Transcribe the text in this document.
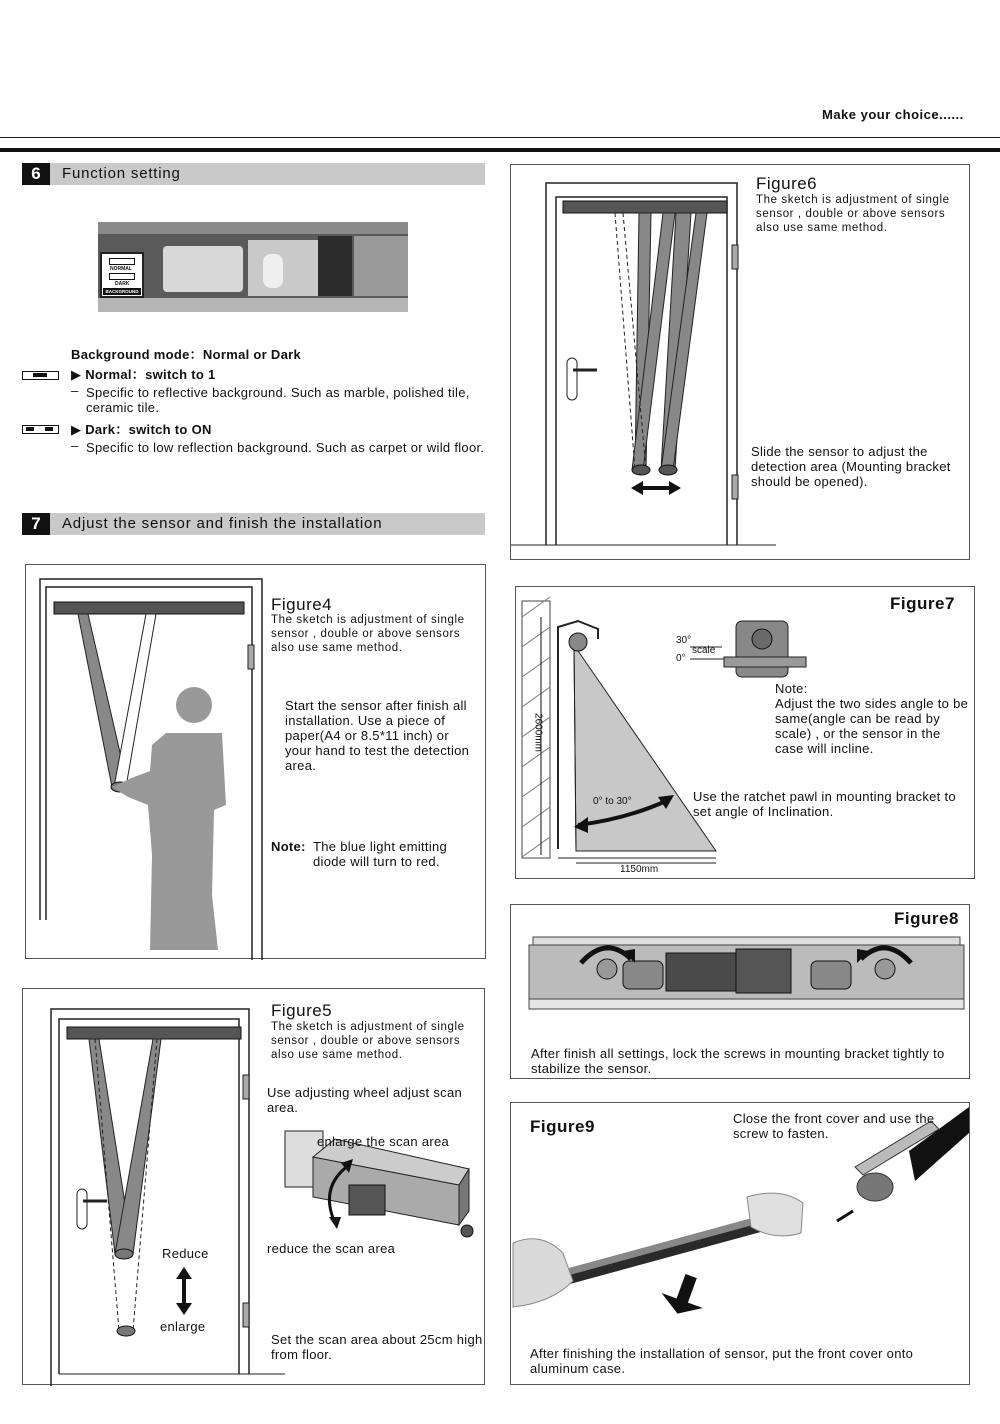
Make your choice......
6	Function setting
NORMAL
DARK
BACKGROUND
Background mode：Normal or Dark
▶ Normal：switch to 1
– Specific to reflective background. Such as marble, polished tile, ceramic tile.
▶ Dark：switch to ON
– Specific to low reflection background. Such as carpet or wild floor.
7	Adjust the sensor and finish the installation
Figure6
The sketch is adjustment of single sensor , double or above sensors also use same method.
Slide the sensor to adjust the detection area (Mounting bracket should be opened).
Figure4
The sketch is adjustment of single sensor , double or above sensors also use same method.
Start the sensor after finish all installation. Use a piece of paper(A4 or 8.5*11 inch) or your hand to test the detection area.
Note: The blue light emitting diode will turn to red.
30°
0°
scale
2600mm
0° to 30°
1150mm
Figure7
Note:
Adjust the two sides angle to be same(angle can be read by scale) , or the sensor in the case will incline.
Use the ratchet pawl in mounting bracket to set angle of Inclination.
Figure8
After finish all settings, lock the screws in mounting bracket tightly to stabilize the sensor.
Figure5
The sketch is adjustment of single sensor , double or above sensors also use same method.
Use adjusting wheel adjust scan area.
enlarge the scan area
reduce the scan area
Reduce
enlarge
Set the scan area about 25cm high from floor.
Figure9	Close the front cover and use the screw to fasten.
After finishing the installation of sensor, put the front cover onto aluminum case.
